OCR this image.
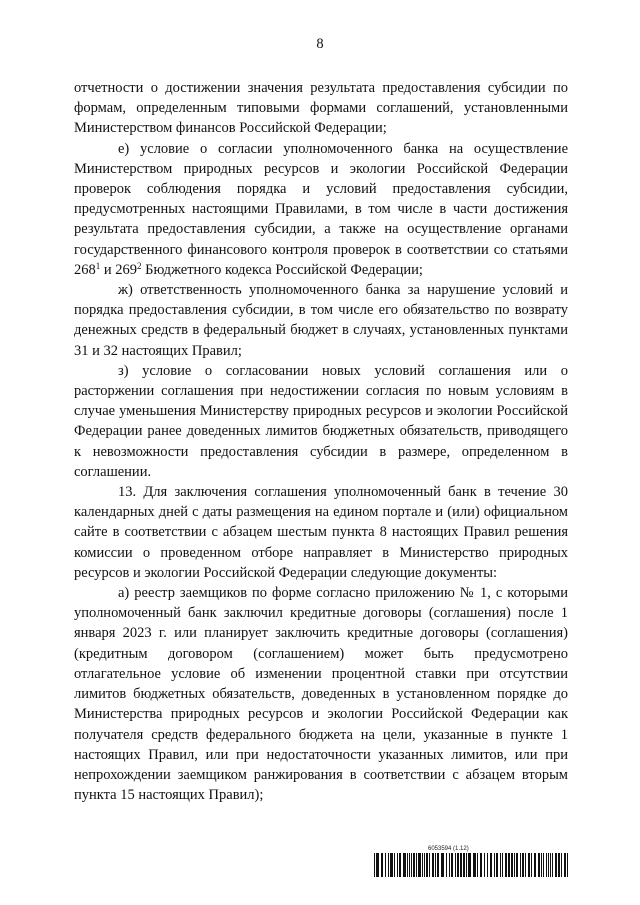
8

отчетности о достижении значения результата предоставления субсидии по формам, определенным типовыми формами соглашений, установленными Министерством финансов Российской Федерации;

е) условие о согласии уполномоченного банка на осуществление Министерством природных ресурсов и экологии Российской Федерации проверок соблюдения порядка и условий предоставления субсидии, предусмотренных настоящими Правилами, в том числе в части достижения результата предоставления субсидии, а также на осуществление органами государственного финансового контроля проверок в соответствии со статьями $268^1$ и $269^2$ Бюджетного кодекса Российской Федерации;

ж) ответственность уполномоченного банка за нарушение условий и порядка предоставления субсидии, в том числе его обязательство по возврату денежных средств в федеральный бюджет в случаях, установленных пунктами 31 и 32 настоящих Правил;

з) условие о согласовании новых условий соглашения или о расторжении соглашения при недостижении согласия по новым условиям в случае уменьшения Министерству природных ресурсов и экологии Российской Федерации ранее доведенных лимитов бюджетных обязательств, приводящего к невозможности предоставления субсидии в размере, определенном в соглашении.

13. Для заключения соглашения уполномоченный банк в течение 30 календарных дней с даты размещения на едином портале и (или) официальном сайте в соответствии с абзацем шестым пункта 8 настоящих Правил решения комиссии о проведенном отборе направляет в Министерство природных ресурсов и экологии Российской Федерации следующие документы:

а) реестр заемщиков по форме согласно приложению № 1, с которыми уполномоченный банк заключил кредитные договоры (соглашения) после 1 января 2023 г. или планирует заключить кредитные договоры (соглашения) (кредитным договором (соглашением) может быть предусмотрено отлагательное условие об изменении процентной ставки при отсутствии лимитов бюджетных обязательств, доведенных в установленном порядке до Министерства природных ресурсов и экологии Российской Федерации как получателя средств федерального бюджета на цели, указанные в пункте 1 настоящих Правил, или при недостаточности указанных лимитов, или при непрохождении заемщиком ранжирования в соответствии с абзацем вторым пункта 15 настоящих Правил);

6053594 (1.12)
